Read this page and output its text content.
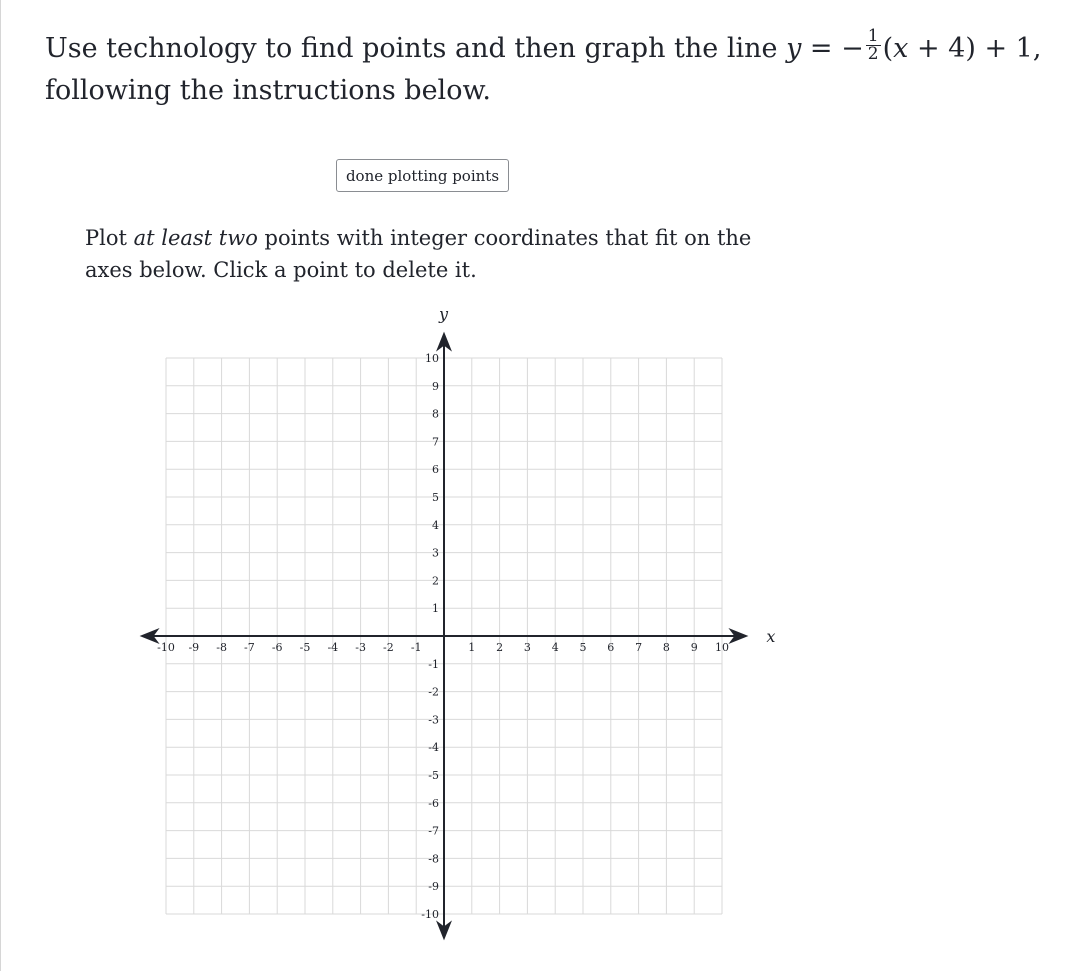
Use technology to find points and then graph the line y = − $\frac{1}{2} (x + 4) + 1$,
following the instructions below.
done plotting points
Plot at least two points with integer coordinates that fit on the axes below. Click a point to delete it.
x
y
-10 -9 -8 -7 -6 -5 -4 -3 -2 -1	1 2 3 4 5 6 7 8 9 10
10
9
8
7
6
5
4
3
2
1
-1
-2
-3
-4
-5
-6
-7
-8
-9
-10
